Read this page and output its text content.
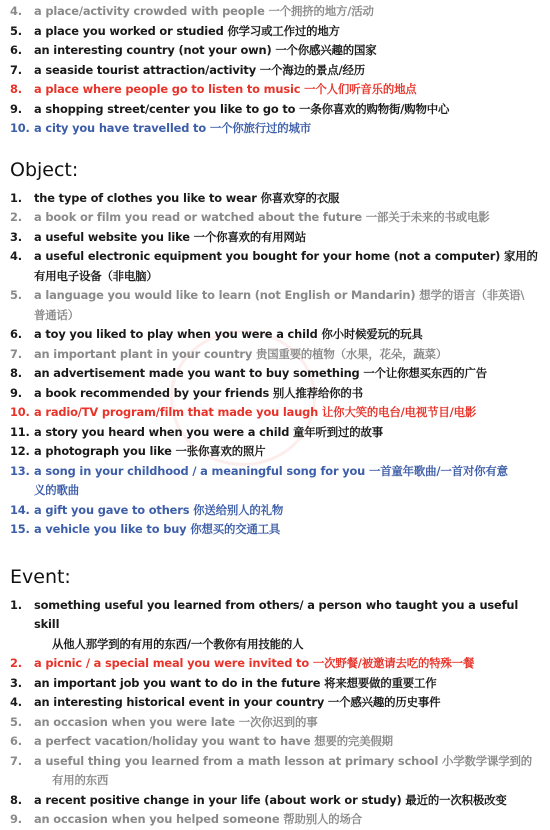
4.	a place/activity crowded with people 一个拥挤的地方/活动
5.	a place you worked or studied 你学习或工作过的地方
6.	an interesting country (not your own) 一个你感兴趣的国家
7.	a seaside tourist attraction/activity 一个海边的景点/经历
8.	a place where people go to listen to music 一个人们听音乐的地点
9.	a shopping street/center you like to go to 一条你喜欢的购物街/购物中心
10. a city you have travelled to 一个你旅行过的城市
Object:
1.	the type of clothes you like to wear 你喜欢穿的衣服
2.	a book or film you read or watched about the future 一部关于未来的书或电影
3.	a useful website you like 一个你喜欢的有用网站
4.	a useful electronic equipment you bought for your home (not a computer) 家用的
有用电子设备（非电脑）
5.	a language you would like to learn (not English or Mandarin) 想学的语言（非英语\
普通话）
6.	a toy you liked to play when you were a child 你小时候爱玩的玩具
7.	an important plant in your country 贵国重要的植物（水果，花朵，蔬菜）
8.	an advertisement made you want to buy something 一个让你想买东西的广告
9.	a book recommended by your friends 别人推荐给你的书
10. a radio/TV program/film that made you laugh 让你大笑的电台/电视节目/电影
11. a story you heard when you were a child 童年听到过的故事
12. a photograph you like 一张你喜欢的照片
13. a song in your childhood / a meaningful song for you 一首童年歌曲/一首对你有意
义的歌曲
14. a gift you gave to others 你送给别人的礼物
15. a vehicle you like to buy 你想买的交通工具
Event:
1.	something useful you learned from others/ a person who taught you a useful skill
从他人那学到的有用的东西/一个教你有用技能的人
2.	a picnic / a special meal you were invited to 一次野餐/被邀请去吃的特殊一餐
3.	an important job you want to do in the future 将来想要做的重要工作
4.	an interesting historical event in your country 一个感兴趣的历史事件
5.	an occasion when you were late 一次你迟到的事
6.	a perfect vacation/holiday you want to have 想要的完美假期
7.	a useful thing you learned from a math lesson at primary school 小学数学课学到的
有用的东西
8.	a recent positive change in your life (about work or study) 最近的一次积极改变
9.	an occasion when you helped someone 帮助别人的场合
